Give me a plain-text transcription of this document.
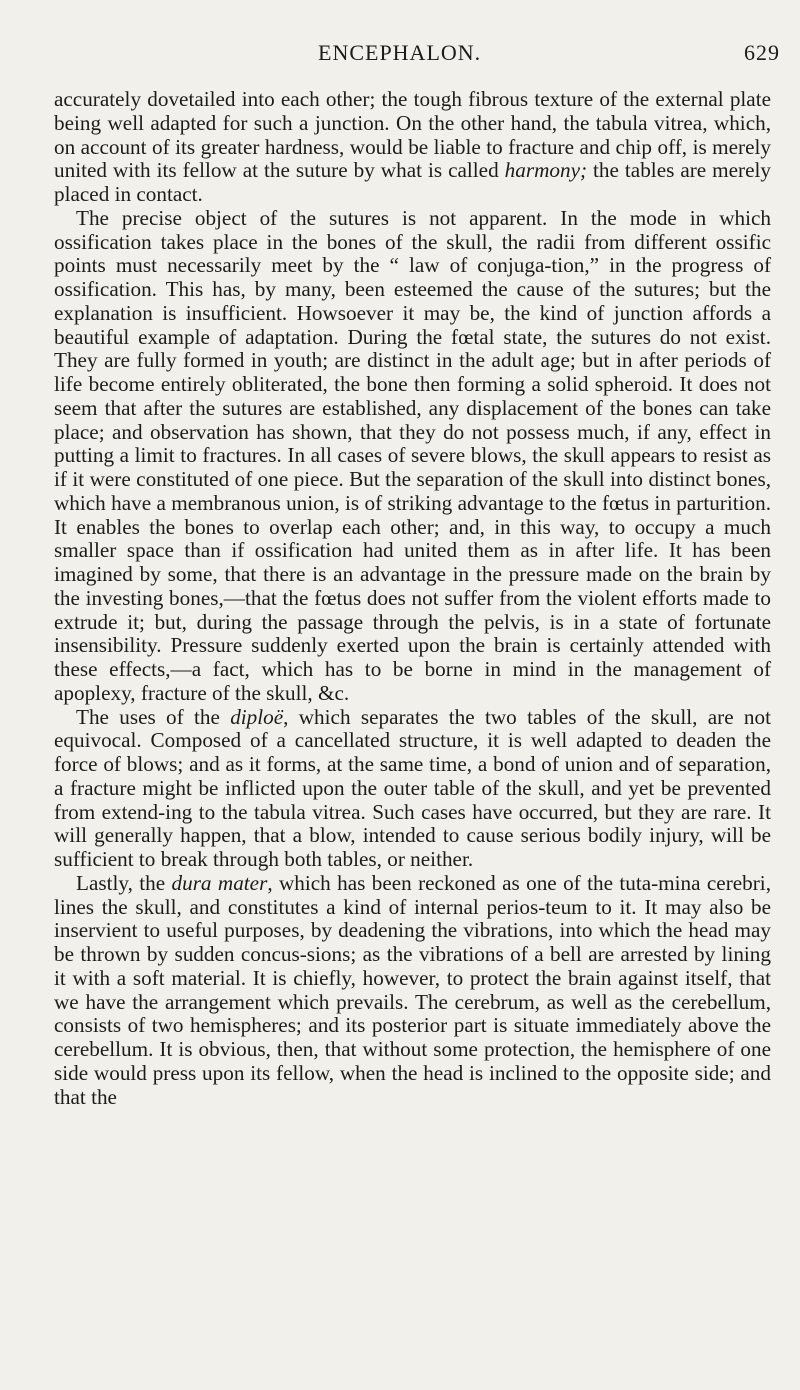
ENCEPHALON.	629

accurately dovetailed into each other; the tough fibrous texture of the external plate being well adapted for such a junction. On the other hand, the tabula vitrea, which, on account of its greater hardness, would be liable to fracture and chip off, is merely united with its fellow at the suture by what is called harmony; the tables are merely placed in contact.

The precise object of the sutures is not apparent. In the mode in which ossification takes place in the bones of the skull, the radii from different ossific points must necessarily meet by the “ law of conjuga-tion,” in the progress of ossification. This has, by many, been esteemed the cause of the sutures; but the explanation is insufficient. Howsoever it may be, the kind of junction affords a beautiful example of adaptation. During the fœtal state, the sutures do not exist. They are fully formed in youth; are distinct in the adult age; but in after periods of life become entirely obliterated, the bone then forming a solid spheroid. It does not seem that after the sutures are established, any displacement of the bones can take place; and observation has shown, that they do not possess much, if any, effect in putting a limit to fractures. In all cases of severe blows, the skull appears to resist as if it were constituted of one piece. But the separation of the skull into distinct bones, which have a membranous union, is of striking advantage to the fœtus in parturition. It enables the bones to overlap each other; and, in this way, to occupy a much smaller space than if ossification had united them as in after life. It has been imagined by some, that there is an advantage in the pressure made on the brain by the investing bones,—that the fœtus does not suffer from the violent efforts made to extrude it; but, during the passage through the pelvis, is in a state of fortunate insensibility. Pressure suddenly exerted upon the brain is certainly attended with these effects,—a fact, which has to be borne in mind in the management of apoplexy, fracture of the skull, &c.

The uses of the diploë, which separates the two tables of the skull, are not equivocal. Composed of a cancellated structure, it is well adapted to deaden the force of blows; and as it forms, at the same time, a bond of union and of separation, a fracture might be inflicted upon the outer table of the skull, and yet be prevented from extend-ing to the tabula vitrea. Such cases have occurred, but they are rare. It will generally happen, that a blow, intended to cause serious bodily injury, will be sufficient to break through both tables, or neither.

Lastly, the dura mater, which has been reckoned as one of the tuta-mina cerebri, lines the skull, and constitutes a kind of internal perios-teum to it. It may also be inservient to useful purposes, by deadening the vibrations, into which the head may be thrown by sudden concus-sions; as the vibrations of a bell are arrested by lining it with a soft material. It is chiefly, however, to protect the brain against itself, that we have the arrangement which prevails. The cerebrum, as well as the cerebellum, consists of two hemispheres; and its posterior part is situate immediately above the cerebellum. It is obvious, then, that without some protection, the hemisphere of one side would press upon its fellow, when the head is inclined to the opposite side; and that the
